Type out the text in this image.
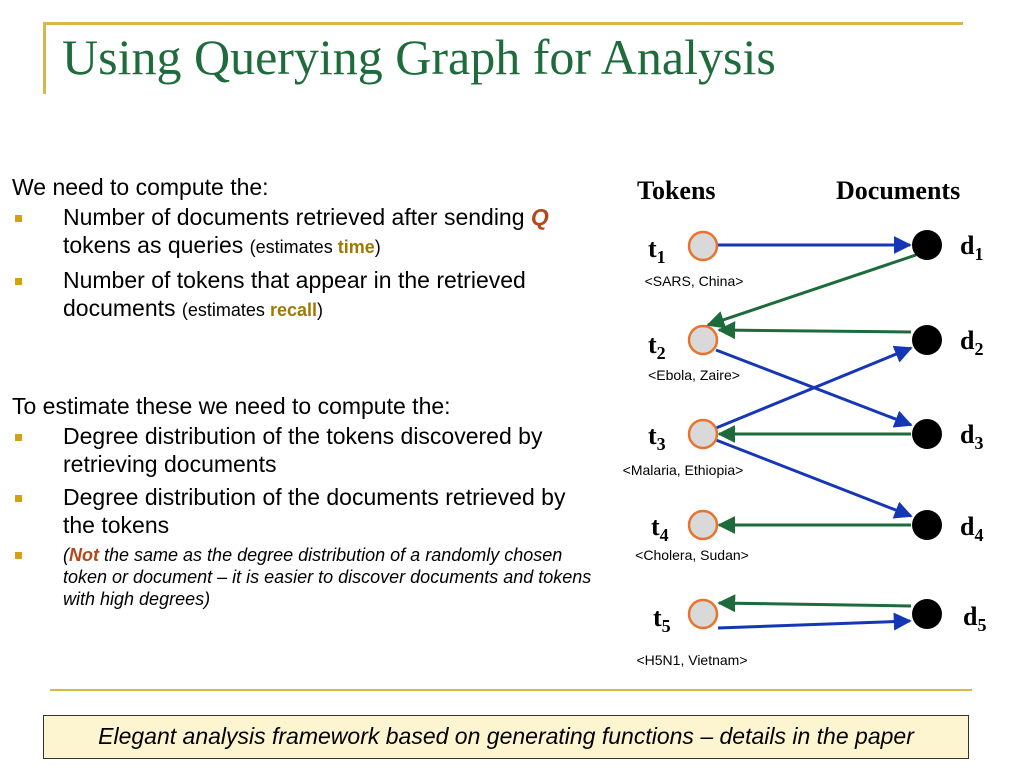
Using Querying Graph for Analysis

We need to compute the:

Number of documents retrieved after sending Q tokens as queries (estimates time)
Number of tokens that appear in the retrieved documents (estimates recall)

To estimate these we need to compute the:

Degree distribution of the tokens discovered by retrieving documents
Degree distribution of the documents retrieved by the tokens
(Not the same as the degree distribution of a randomly chosen token or document – it is easier to discover documents and tokens with high degrees)
Tokens	Documents
$t_1$
$t_2$
$t_3$
$t_4$
$t_5$
$d_1$
$d_2$
$d_3$
$d_4$
$d_5$
<SARS, China>
<Ebola, Zaire>
<Malaria, Ethiopia>
<Cholera, Sudan>
<H5N1, Vietnam>
Elegant analysis framework based on generating functions – details in the paper
